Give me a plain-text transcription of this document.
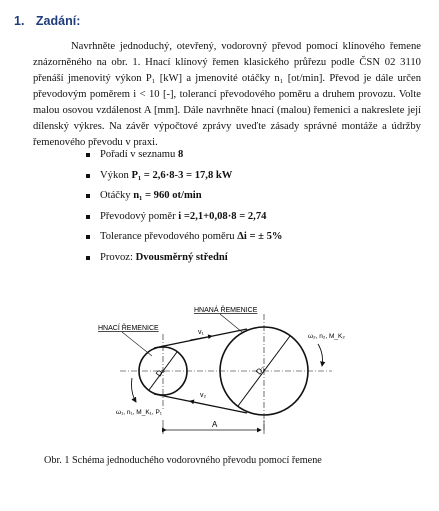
1. Zadání:
Navrhněte jednoduchý, otevřený, vodorovný převod pomocí klínového řemene znázorněného na obr. 1. Hnací klínový řemen klasického průřezu podle ČSN 02 3110 přenáší jmenovitý výkon P₁ [kW] a jmenovité otáčky n₁ [ot/min]. Převod je dále určen převodovým poměrem i < 10 [-], tolerancí převodového poměru a druhem provozu. Volte malou osovou vzdálenost A [mm]. Dále navrhněte hnací (malou) řemenici a nakreslete její dílenský výkres. Na závěr výpočtové zprávy uveďte zásady správné montáže a údržby řemenového převodu v praxi.
Pořadí v seznamu 8
Výkon P₁ = 2,6·8-3 = 17,8 kW
Otáčky n₁ = 960 ot/min
Převodový poměr i =2,1+0,08·8 = 2,74
Tolerance převodového poměru Δi = ± 5%
Provoz: Dvousměrný střední
D₁	D₂
v₁
v₂
HNACÍ ŘEMENICE
HNANÁ ŘEMENICE
ω₁, n₁, M_K₁, P₁
ω₂, n₂, M_K₂
A
Obr. 1 Schéma jednoduchého vodorovného převodu pomocí řemene
